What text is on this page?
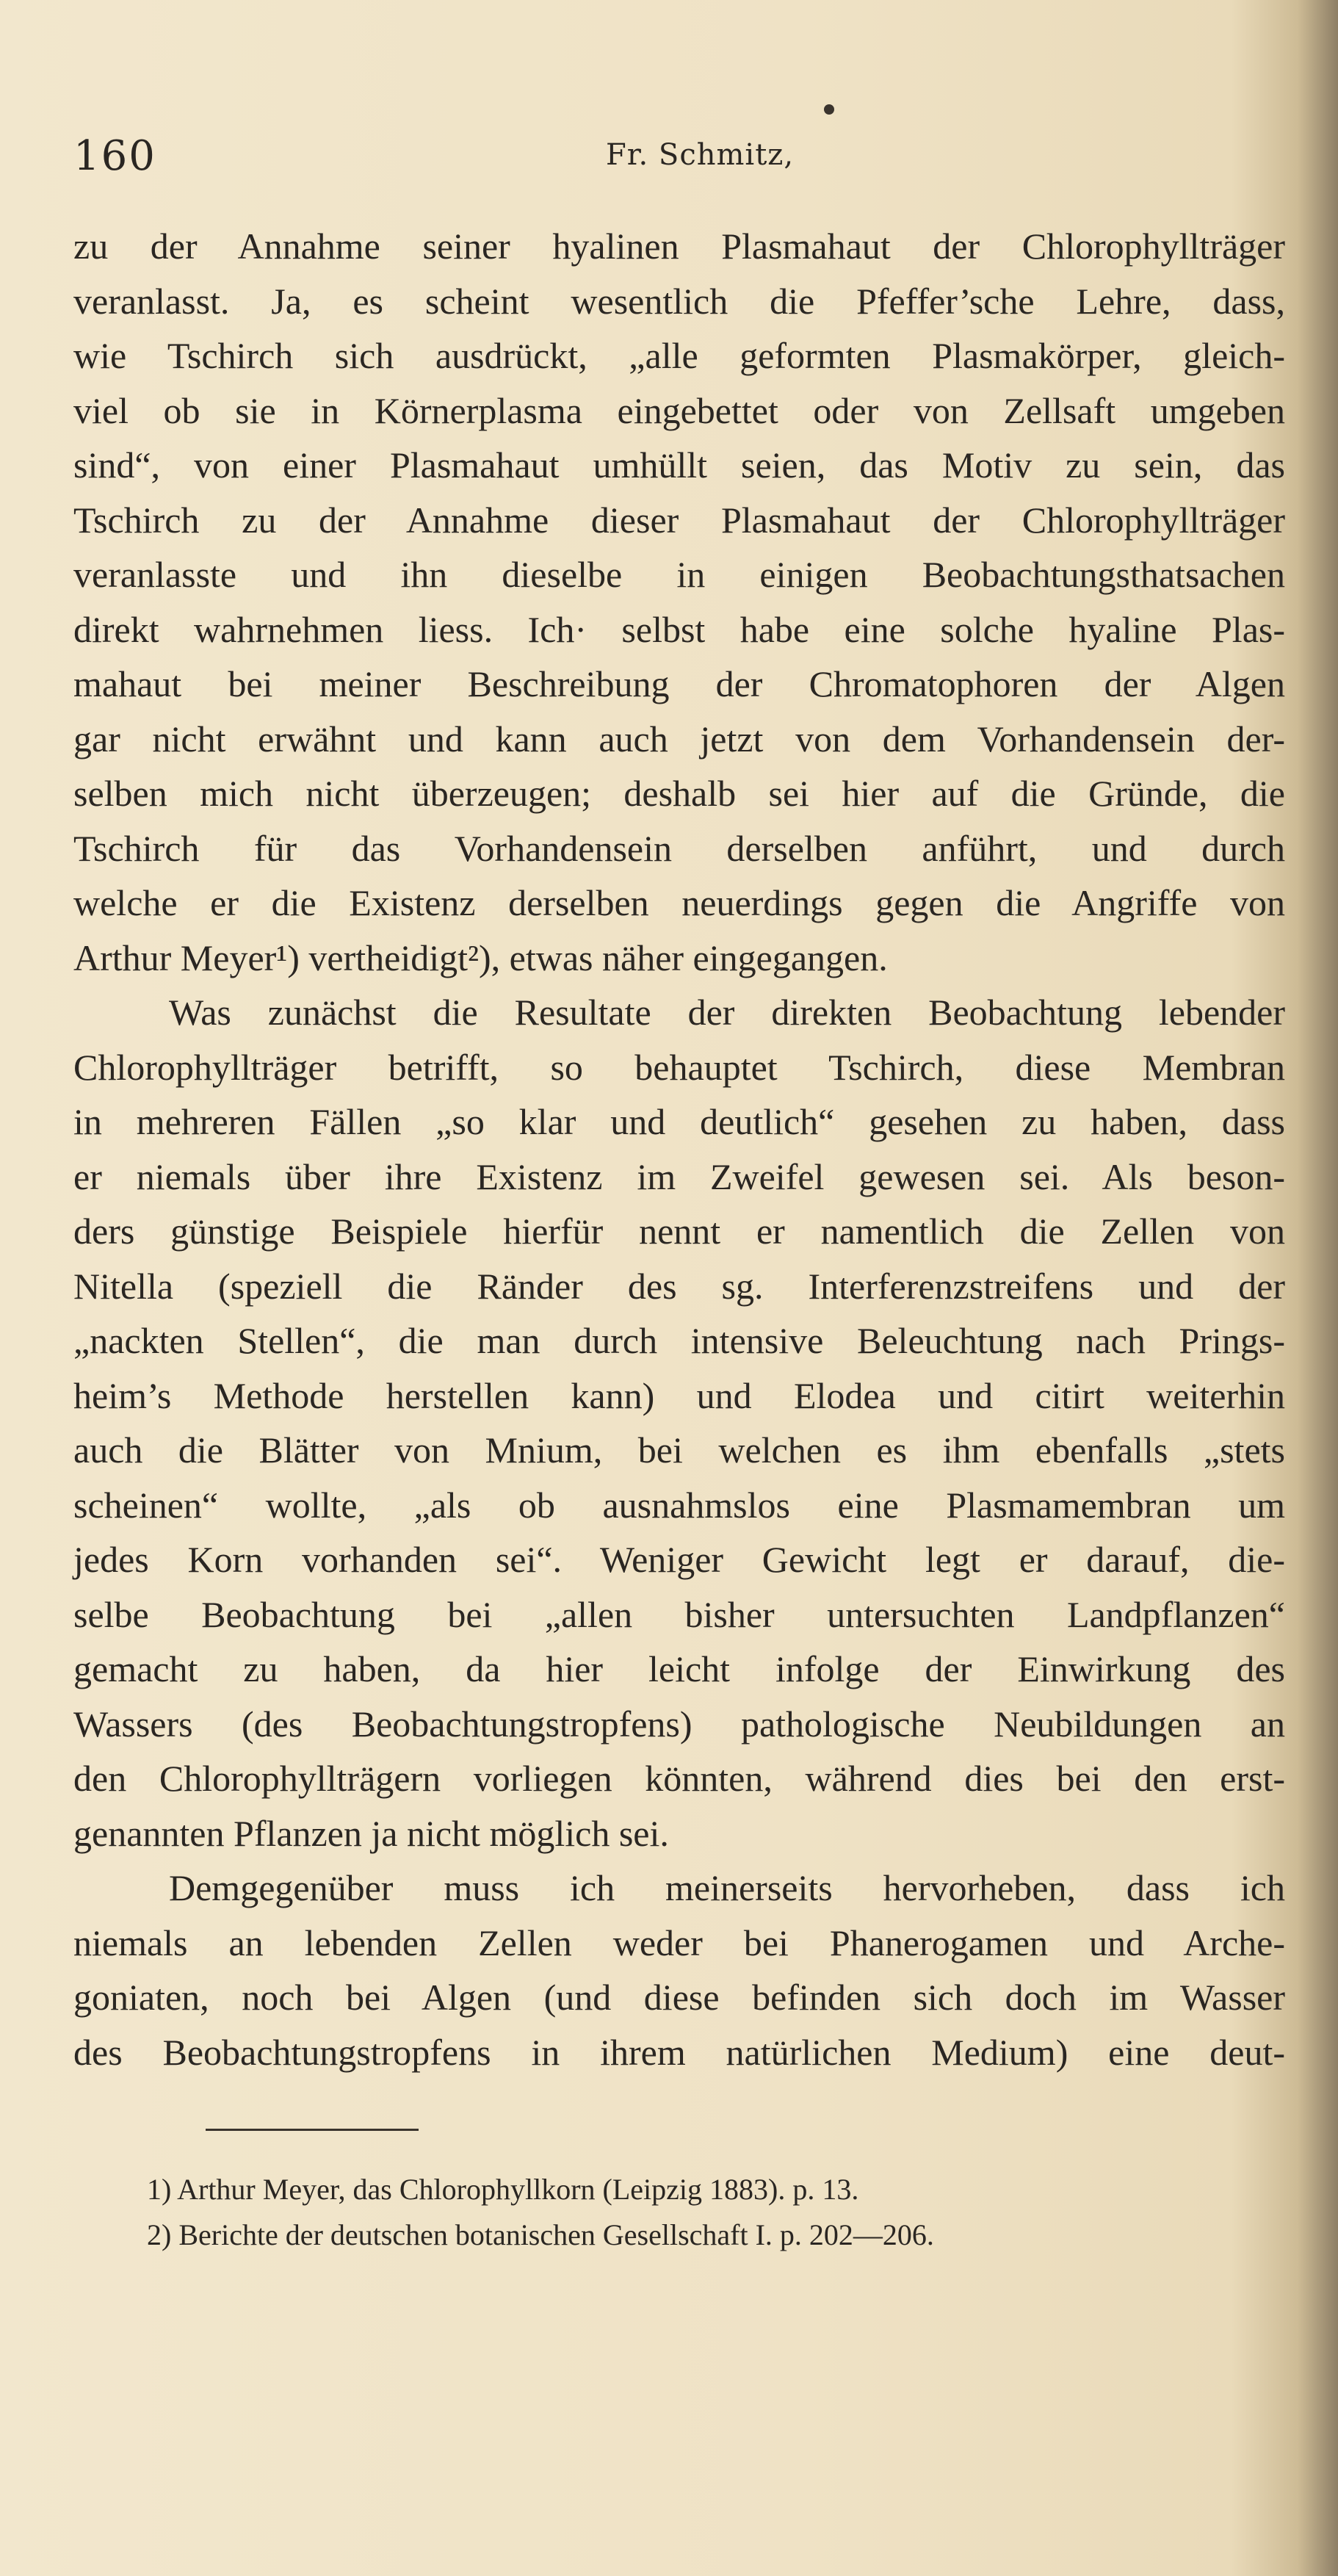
160	Fr. Schmitz,
zu der Annahme seiner hyalinen Plasmahaut der Chlorophyllträger
veranlasst. Ja, es scheint wesentlich die Pfeffer’sche Lehre, dass,
wie Tschirch sich ausdrückt, „alle geformten Plasmakörper, gleich-
viel ob sie in Körnerplasma eingebettet oder von Zellsaft umgeben
sind“, von einer Plasmahaut umhüllt seien, das Motiv zu sein, das
Tschirch zu der Annahme dieser Plasmahaut der Chlorophyllträger
veranlasste und ihn dieselbe in einigen Beobachtungsthatsachen
direkt wahrnehmen liess. Ich· selbst habe eine solche hyaline Plas-
mahaut bei meiner Beschreibung der Chromatophoren der Algen
gar nicht erwähnt und kann auch jetzt von dem Vorhandensein der-
selben mich nicht überzeugen; deshalb sei hier auf die Gründe, die
Tschirch für das Vorhandensein derselben anführt, und durch
welche er die Existenz derselben neuerdings gegen die Angriffe von
Arthur Meyer¹) vertheidigt²), etwas näher eingegangen.
Was zunächst die Resultate der direkten Beobachtung lebender
Chlorophyllträger betrifft, so behauptet Tschirch, diese Membran
in mehreren Fällen „so klar und deutlich“ gesehen zu haben, dass
er niemals über ihre Existenz im Zweifel gewesen sei. Als beson-
ders günstige Beispiele hierfür nennt er namentlich die Zellen von
Nitella (speziell die Ränder des sg. Interferenzstreifens und der
„nackten Stellen“, die man durch intensive Beleuchtung nach Prings-
heim’s Methode herstellen kann) und Elodea und citirt weiterhin
auch die Blätter von Mnium, bei welchen es ihm ebenfalls „stets
scheinen“ wollte, „als ob ausnahmslos eine Plasmamembran um
jedes Korn vorhanden sei“. Weniger Gewicht legt er darauf, die-
selbe Beobachtung bei „allen bisher untersuchten Landpflanzen“
gemacht zu haben, da hier leicht infolge der Einwirkung des
Wassers (des Beobachtungstropfens) pathologische Neubildungen an
den Chlorophyllträgern vorliegen könnten, während dies bei den erst-
genannten Pflanzen ja nicht möglich sei.
Demgegenüber muss ich meinerseits hervorheben, dass ich
niemals an lebenden Zellen weder bei Phanerogamen und Arche-
goniaten, noch bei Algen (und diese befinden sich doch im Wasser
des Beobachtungstropfens in ihrem natürlichen Medium) eine deut-
1) Arthur Meyer, das Chlorophyllkorn (Leipzig 1883). p. 13.
2) Berichte der deutschen botanischen Gesellschaft I. p. 202—206.
